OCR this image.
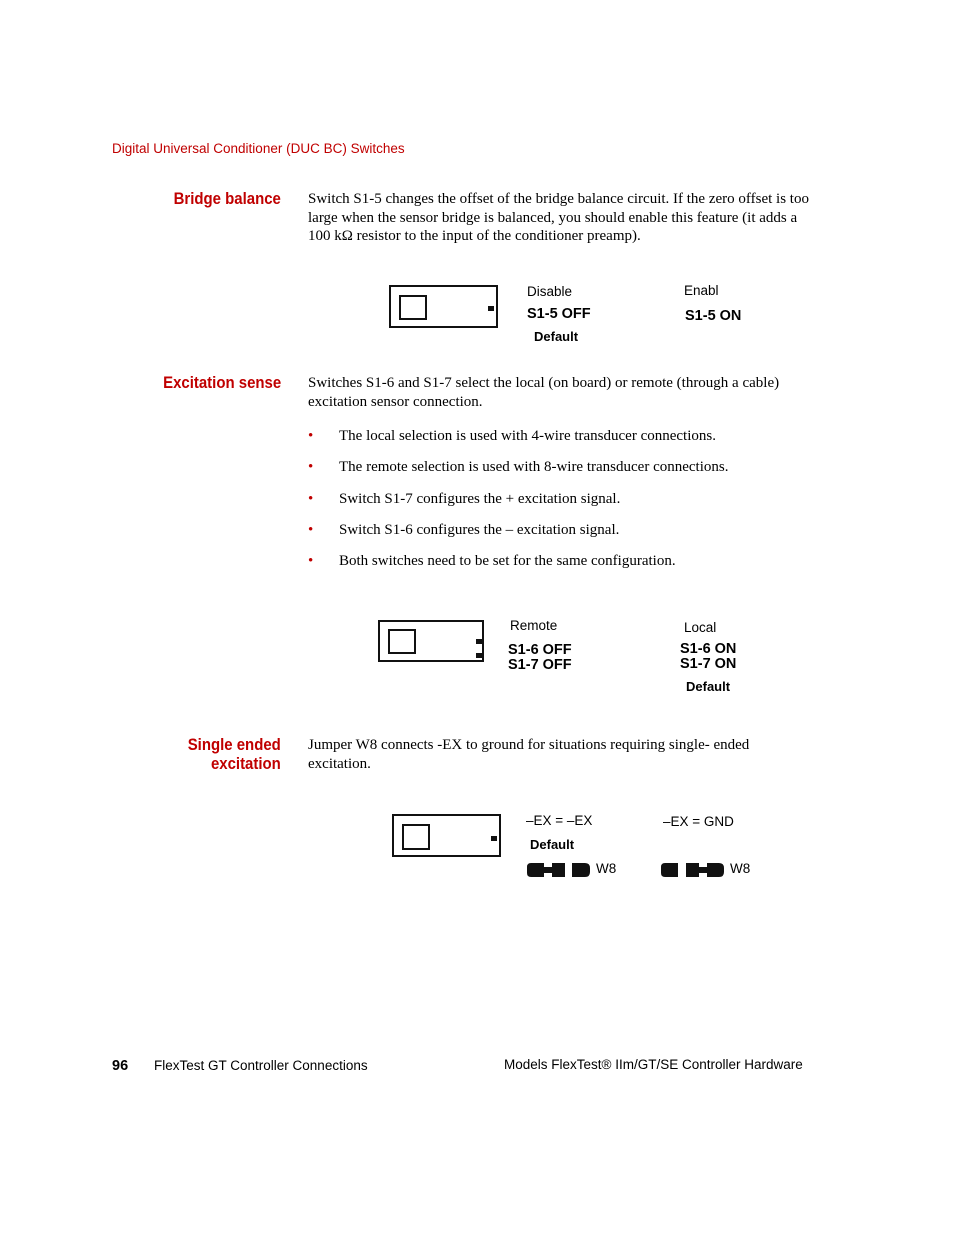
Digital Universal Conditioner (DUC BC) Switches
Bridge balance Switch S1-5 changes the offset of the bridge balance circuit. If the zero offset is too large when the sensor bridge is balanced, you should enable this feature (it adds a 100 kΩ resistor to the input of the conditioner preamp).
Disable
S1-5 OFF
Default
Enabl
S1-5 ON
Excitation sense Switches S1-6 and S1-7 select the local (on board) or remote (through a cable) excitation sensor connection.
• The local selection is used with 4-wire transducer connections.
• The remote selection is used with 8-wire transducer connections.
• Switch S1-7 configures the + excitation signal.
• Switch S1-6 configures the – excitation signal.
• Both switches need to be set for the same configuration.
Remote
S1-6 OFF
S1-7 OFF
Local
S1-6 ON
S1-7 ON
Default
Single ended
excitation
Jumper W8 connects -EX to ground for situations requiring single- ended excitation.
–EX = –EX
Default
–EX = GND
W8	W8
96 FlexTest GT Controller Connections	Models FlexTest® IIm/GT/SE Controller Hardware
